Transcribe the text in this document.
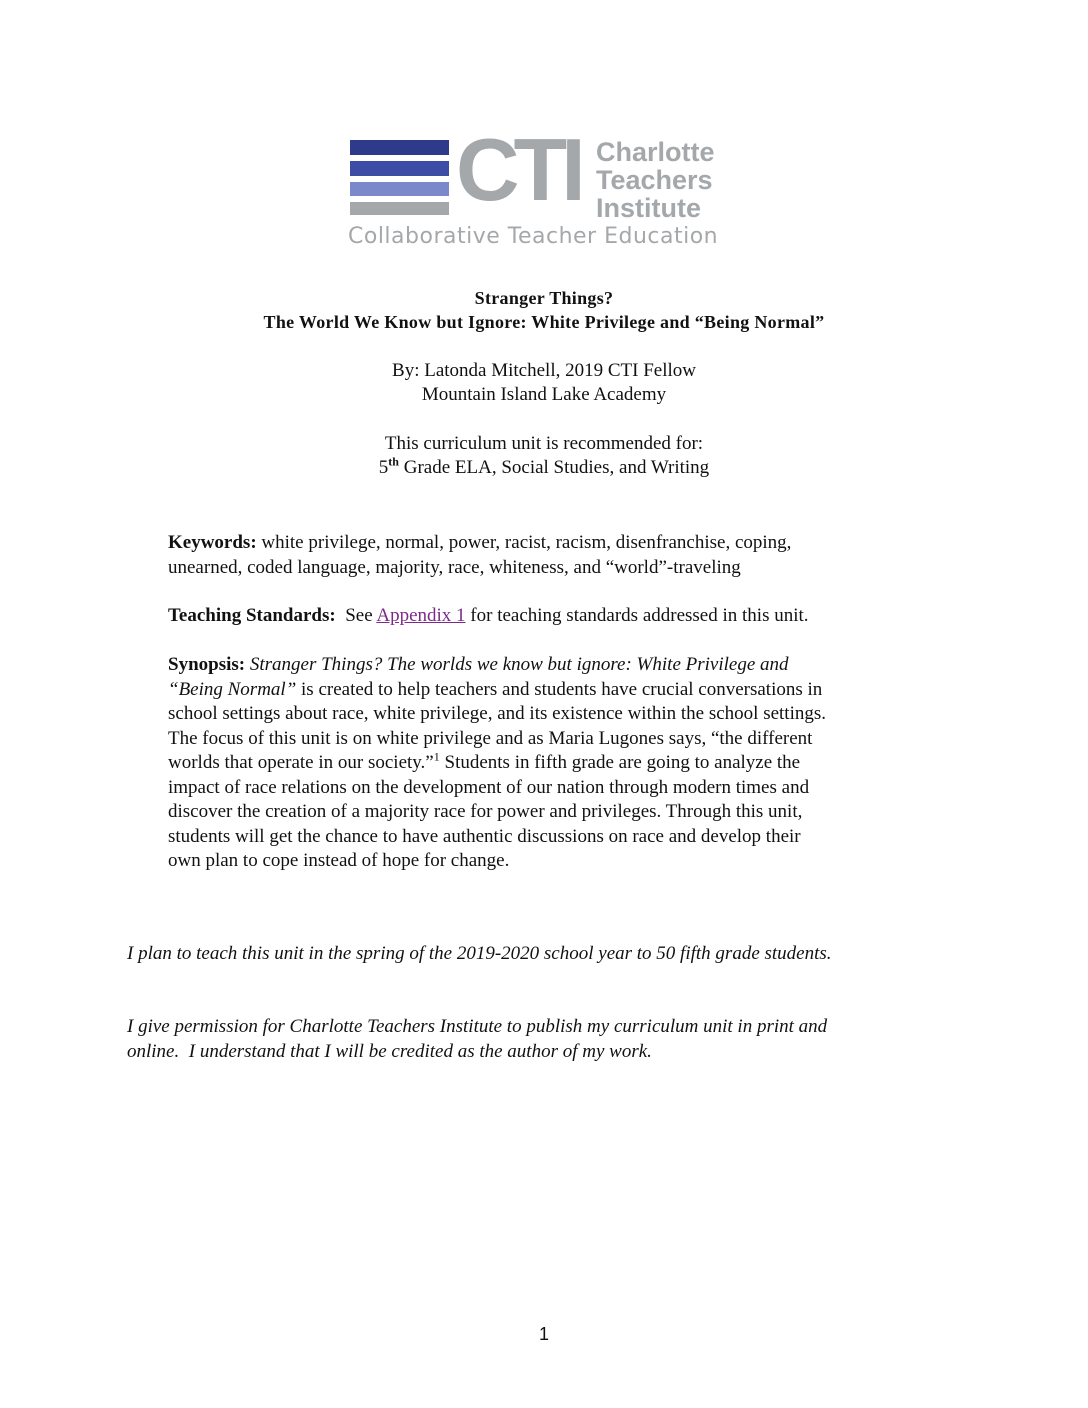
CTI Charlotte
Teachers
Institute
Collaborative Teacher Education
Stranger Things?
The World We Know but Ignore: White Privilege and “Being Normal”
By: Latonda Mitchell, 2019 CTI Fellow
Mountain Island Lake Academy
This curriculum unit is recommended for:
5th Grade ELA, Social Studies, and Writing
Keywords: white privilege, normal, power, racist, racism, disenfranchise, coping,
unearned, coded language, majority, race, whiteness, and “world”-traveling
Teaching Standards:  See Appendix 1 for teaching standards addressed in this unit.
Synopsis: Stranger Things? The worlds we know but ignore: White Privilege and
“Being Normal” is created to help teachers and students have crucial conversations in
school settings about race, white privilege, and its existence within the school settings.
The focus of this unit is on white privilege and as Maria Lugones says, “the different
worlds that operate in our society.”$^1$ Students in fifth grade are going to analyze the
impact of race relations on the development of our nation through modern times and
discover the creation of a majority race for power and privileges. Through this unit,
students will get the chance to have authentic discussions on race and develop their
own plan to cope instead of hope for change.
I plan to teach this unit in the spring of the 2019-2020 school year to 50 fifth grade students.
I give permission for Charlotte Teachers Institute to publish my curriculum unit in print and
online.  I understand that I will be credited as the author of my work.
1
